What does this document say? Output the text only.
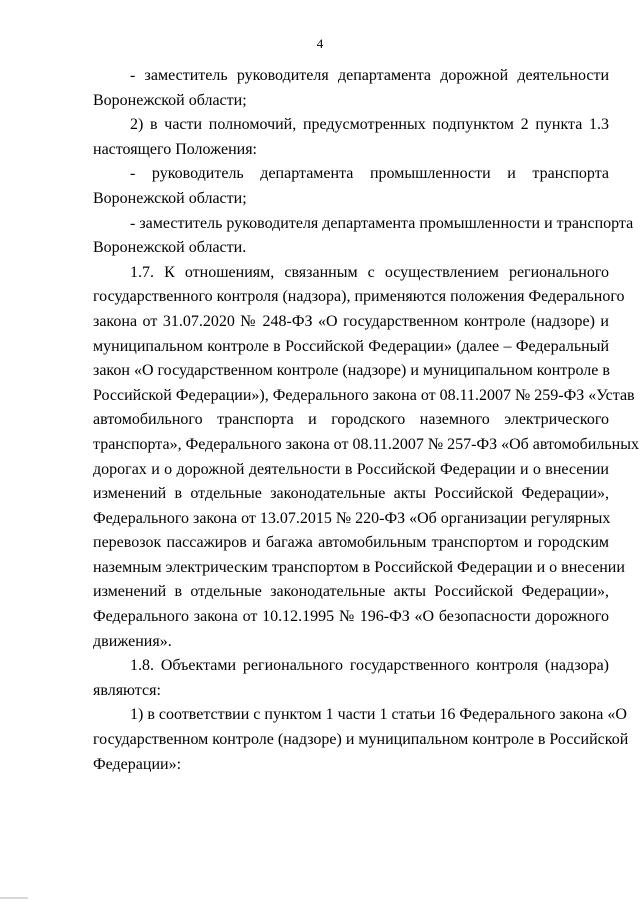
4
- заместитель руководителя департамента дорожной деятельности
Воронежской области;
2) в части полномочий, предусмотренных подпунктом 2 пункта 1.3
настоящего Положения:
- руководитель департамента промышленности и транспорта
Воронежской области;
- заместитель руководителя департамента промышленности и транспорта
Воронежской области.
1.7. К отношениям, связанным с осуществлением регионального
государственного контроля (надзора), применяются положения Федерального
закона от 31.07.2020 № 248-ФЗ «О государственном контроле (надзоре) и
муниципальном контроле в Российской Федерации» (далее – Федеральный
закон «О государственном контроле (надзоре) и муниципальном контроле в
Российской Федерации»), Федерального закона от 08.11.2007 № 259-ФЗ «Устав
автомобильного транспорта и городского наземного электрического
транспорта», Федерального закона от 08.11.2007 № 257-ФЗ «Об автомобильных
дорогах и о дорожной деятельности в Российской Федерации и о внесении
изменений в отдельные законодательные акты Российской Федерации»,
Федерального закона от 13.07.2015 № 220-ФЗ «Об организации регулярных
перевозок пассажиров и багажа автомобильным транспортом и городским
наземным электрическим транспортом в Российской Федерации и о внесении
изменений в отдельные законодательные акты Российской Федерации»,
Федерального закона от 10.12.1995 № 196-ФЗ «О безопасности дорожного
движения».
1.8. Объектами регионального государственного контроля (надзора)
являются:
1) в соответствии с пунктом 1 части 1 статьи 16 Федерального закона «О
государственном контроле (надзоре) и муниципальном контроле в Российской
Федерации»:
